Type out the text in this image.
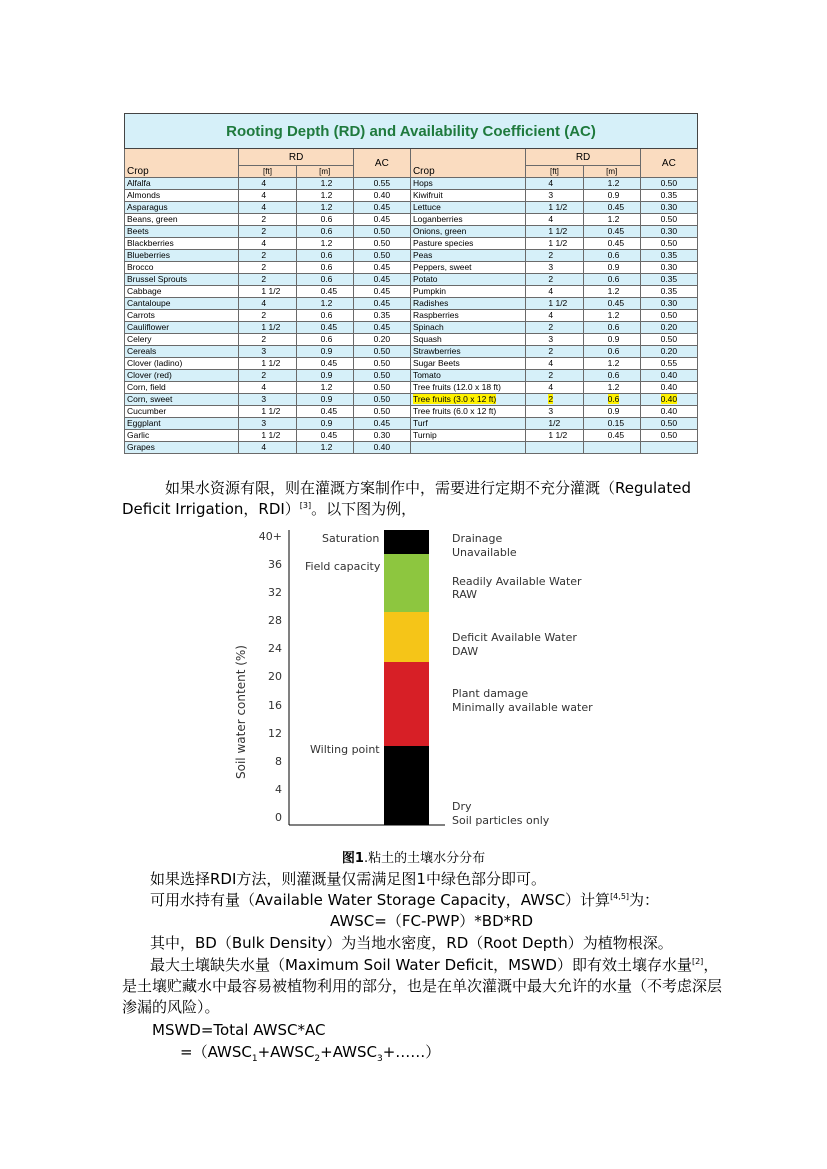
Rooting Depth (RD) and Availability Coefficient (AC)							
Crop	RD		AC	Crop	RD		AC
	[ft]	[m]			[ft]	[m]	
Alfalfa	4	1.2	0.55	Hops	4	1.2	0.50
Almonds	4	1.2	0.40	Kiwifruit	3	0.9	0.35
Asparagus	4	1.2	0.45	Lettuce	1 1/2	0.45	0.30
Beans, green	2	0.6	0.45	Loganberries	4	1.2	0.50
Beets	2	0.6	0.50	Onions, green	1 1/2	0.45	0.30
Blackberries	4	1.2	0.50	Pasture species	1 1/2	0.45	0.50
Blueberries	2	0.6	0.50	Peas	2	0.6	0.35
Brocco	2	0.6	0.45	Peppers, sweet	3	0.9	0.30
Brussel Sprouts	2	0.6	0.45	Potato	2	0.6	0.35
Cabbage	1 1/2	0.45	0.45	Pumpkin	4	1.2	0.35
Cantaloupe	4	1.2	0.45	Radishes	1 1/2	0.45	0.30
Carrots	2	0.6	0.35	Raspberries	4	1.2	0.50
Cauliflower	1 1/2	0.45	0.45	Spinach	2	0.6	0.20
Celery	2	0.6	0.20	Squash	3	0.9	0.50
Cereals	3	0.9	0.50	Strawberries	2	0.6	0.20
Clover (ladino)	1 1/2	0.45	0.50	Sugar Beets	4	1.2	0.55
Clover (red)	2	0.9	0.50	Tomato	2	0.6	0.40
Corn, field	4	1.2	0.50	Tree fruits (12.0 x 18 ft)	4	1.2	0.40
Corn, sweet	3	0.9	0.50	Tree fruits (3.0 x 12 ft)	2	0.6	0.40
Cucumber	1 1/2	0.45	0.50	Tree fruits (6.0 x 12 ft)	3	0.9	0.40
Eggplant	3	0.9	0.45	Turf	1/2	0.15	0.50
Garlic	1 1/2	0.45	0.30	Turnip	1 1/2	0.45	0.50
Grapes	4	1.2	0.40				
如果水资源有限，则在灌溉方案制作中，需要进行定期不充分灌溉（Regulated
Deficit Irrigation，RDI）[3]。以下图为例，
Soil water content (%)
40+
36
32
28
24
20
16
12
8
4
0
Saturation
Field capacity
Wilting point
Drainage
Unavailable
Readily Available Water
RAW
Deficit Available Water
DAW
Plant damage
Minimally available water
Dry
Soil particles only
图1.粘土的土壤水分分布
如果选择RDI方法，则灌溉量仅需满足图1中绿色部分即可。
可用水持有量（Available Water Storage Capacity，AWSC）计算[4,5]为：
AWSC=（FC-PWP）*BD*RD
其中，BD（Bulk Density）为当地水密度，RD（Root Depth）为植物根深。
最大土壤缺失水量（Maximum Soil Water Deficit，MSWD）即有效土壤存水量[2]，
是土壤贮藏水中最容易被植物利用的部分，也是在单次灌溉中最大允许的水量（不考虑深层
渗漏的风险）。
MSWD=Total AWSC*AC
$=(AWSC_1+AWSC_2+AWSC_3+\dots\dots)$
